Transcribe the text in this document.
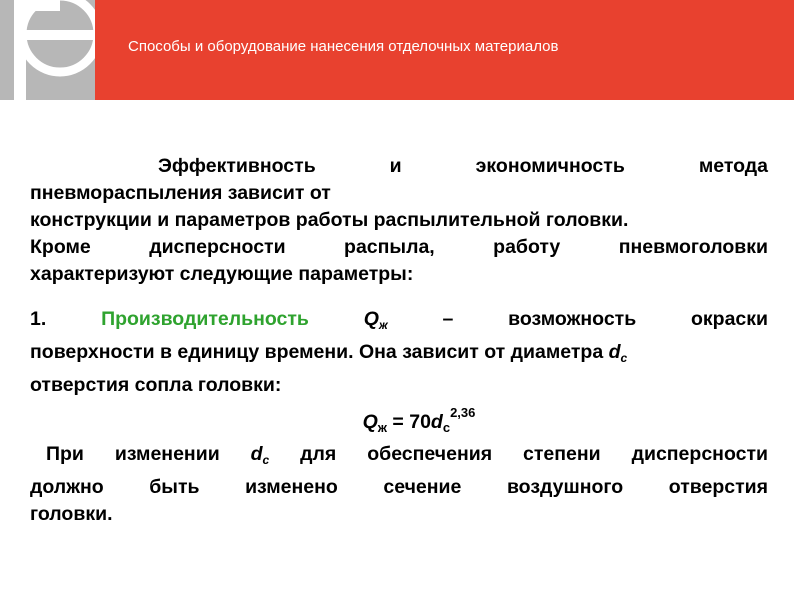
Способы и оборудование нанесения отделочных материалов

Эффективность	и	экономичность	метода

пневмораспыления зависит от

конструкции и параметров работы распылительной головки.

Кроме	дисперсности	распыла,	работу	пневмоголовки

характеризуют следующие параметры:

1.	Производительность	$Q_ж$	– возможность окраски

поверхности в единицу времени. Она зависит от диаметра $d_с$

отверстия сопла головки:

$Q_ж = 70d_с^{2,36}$

При изменении $d_с$ для обеспечения степени дисперсности

должно быть изменено сечение воздушного отверстия

головки.
